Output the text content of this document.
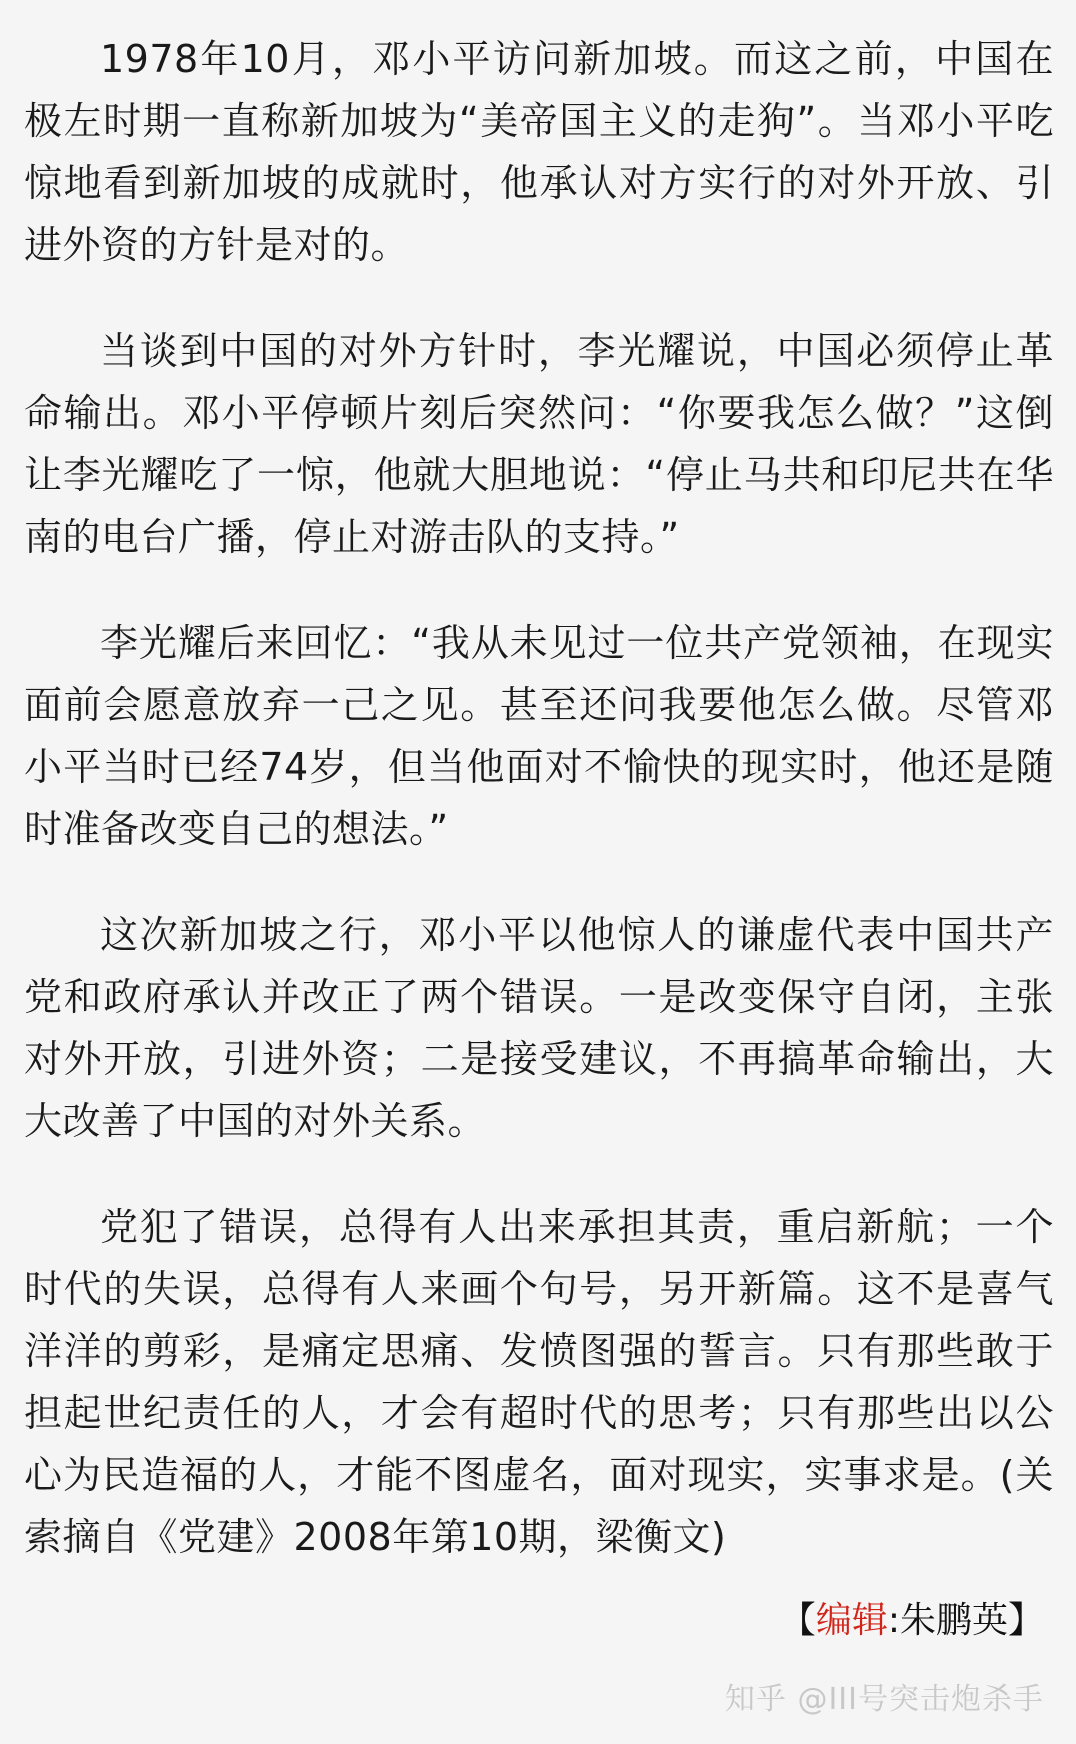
1978年10月，邓小平访问新加坡。而这之前，中国在极左时期一直称新加坡为“美帝国主义的走狗”。当邓小平吃惊地看到新加坡的成就时，他承认对方实行的对外开放、引进外资的方针是对的。

当谈到中国的对外方针时，李光耀说，中国必须停止革命输出。邓小平停顿片刻后突然问：“你要我怎么做？”这倒让李光耀吃了一惊，他就大胆地说：“停止马共和印尼共在华南的电台广播，停止对游击队的支持。”

李光耀后来回忆：“我从未见过一位共产党领袖，在现实面前会愿意放弃一己之见。甚至还问我要他怎么做。尽管邓小平当时已经74岁，但当他面对不愉快的现实时，他还是随时准备改变自己的想法。”

这次新加坡之行，邓小平以他惊人的谦虚代表中国共产党和政府承认并改正了两个错误。一是改变保守自闭，主张对外开放，引进外资；二是接受建议，不再搞革命输出，大大改善了中国的对外关系。

党犯了错误，总得有人出来承担其责，重启新航；一个时代的失误，总得有人来画个句号，另开新篇。这不是喜气洋洋的剪彩，是痛定思痛、发愤图强的誓言。只有那些敢于担起世纪责任的人，才会有超时代的思考；只有那些出以公心为民造福的人，才能不图虚名，面对现实，实事求是。(关索摘自《党建》2008年第10期，梁衡文)

【编辑:朱鹏英】
知乎 @III号突击炮杀手
